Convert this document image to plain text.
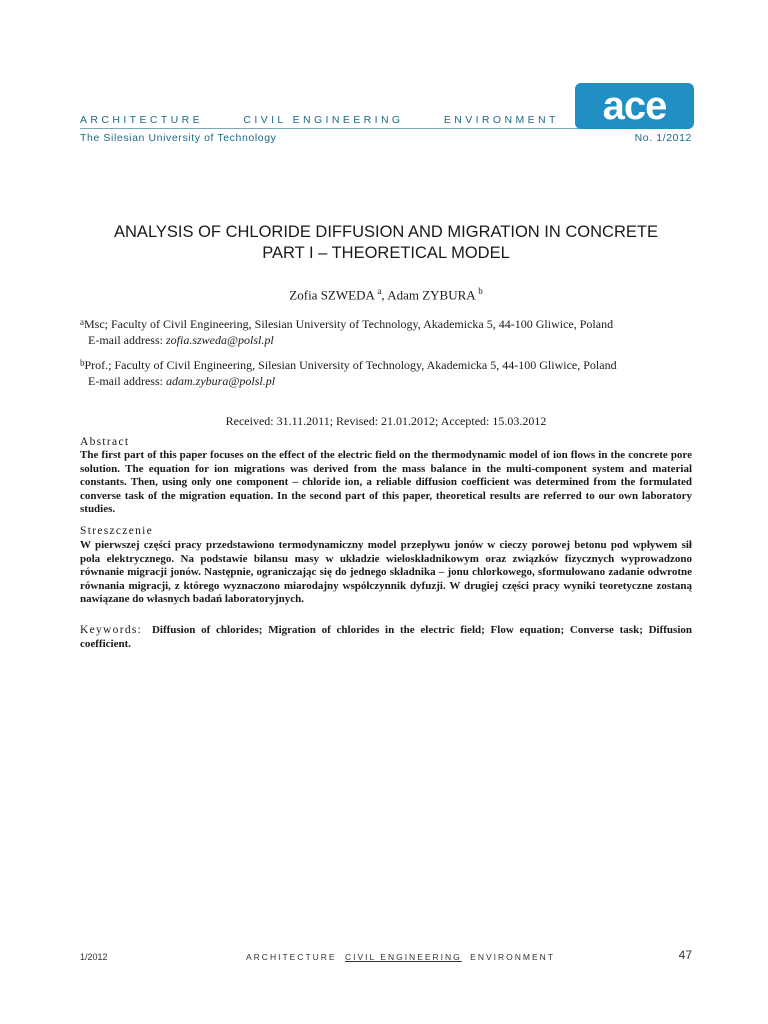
ARCHITECTURE	CIVIL ENGINEERING	ENVIRONMENT
The Silesian University of Technology	No. 1/2012
ace
ANALYSIS OF CHLORIDE DIFFUSION AND MIGRATION IN CONCRETE
PART I – THEORETICAL MODEL
Zofia SZWEDA $^a$, Adam ZYBURA $^b$
$^a$Msc; Faculty of Civil Engineering, Silesian University of Technology, Akademicka 5, 44-100 Gliwice, Poland
E-mail address: zofia.szweda@polsl.pl
$^b$Prof.; Faculty of Civil Engineering, Silesian University of Technology, Akademicka 5, 44-100 Gliwice, Poland
E-mail address: adam.zybura@polsl.pl
Received: 31.11.2011; Revised: 21.01.2012; Accepted: 15.03.2012
Abstract
The first part of this paper focuses on the effect of the electric field on the thermodynamic model of ion flows in the concrete pore solution. The equation for ion migrations was derived from the mass balance in the multi-component system and material constants. Then, using only one component – chloride ion, a reliable diffusion coefficient was determined from the formulated converse task of the migration equation. In the second part of this paper, theoretical results are referred to our own laboratory studies.
Streszczenie
W pierwszej części pracy przedstawiono termodynamiczny model przepływu jonów w cieczy porowej betonu pod wpływem sił pola elektrycznego. Na podstawie bilansu masy w układzie wieloskładnikowym oraz związków fizycznych wyprowadzono równanie migracji jonów. Następnie, ograniczając się do jednego składnika – jonu chlorkowego, sformułowano zadanie odwrotne równania migracji, z którego wyznaczono miarodajny współczynnik dyfuzji. W drugiej części pracy wyniki teoretyczne zostaną nawiązane do własnych badań laboratoryjnych.
Keywords: Diffusion of chlorides; Migration of chlorides in the electric field; Flow equation; Converse task; Diffusion coefficient.
1/2012	ARCHITECTURE CIVIL ENGINEERING ENVIRONMENT	47
